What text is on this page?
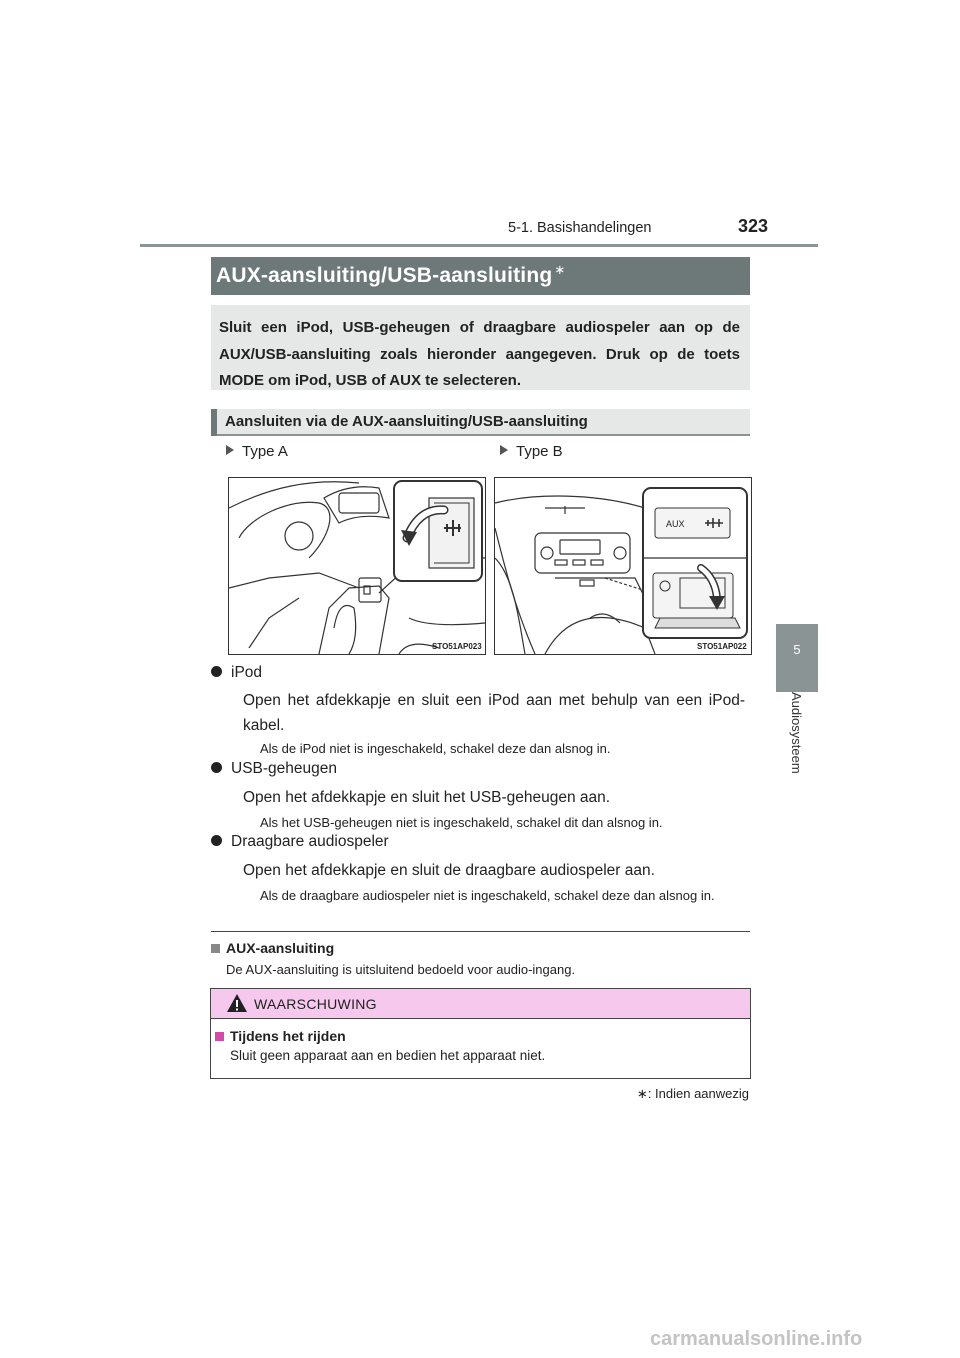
5-1. Basishandelingen	323
5
Audiosysteem
AUX-aansluiting/USB-aansluiting ∗

Sluit een iPod, USB-geheugen of draagbare audiospeler aan op de AUX/USB-aansluiting zoals hieronder aangegeven. Druk op de toets MODE om iPod, USB of AUX te selecteren.

Aansluiten via de AUX-aansluiting/USB-aansluiting
Type A	Type B
STO51AP023
AUX
STO51AP022
iPod
Open het afdekkapje en sluit een iPod aan met behulp van een iPod-kabel.
Als de iPod niet is ingeschakeld, schakel deze dan alsnog in.
USB-geheugen
Open het afdekkapje en sluit het USB-geheugen aan.
Als het USB-geheugen niet is ingeschakeld, schakel dit dan alsnog in.
Draagbare audiospeler
Open het afdekkapje en sluit de draagbare audiospeler aan.
Als de draagbare audiospeler niet is ingeschakeld, schakel deze dan alsnog in.
AUX-aansluiting
De AUX-aansluiting is uitsluitend bedoeld voor audio-ingang.
WAARSCHUWING
Tijdens het rijden
Sluit geen apparaat aan en bedien het apparaat niet.
∗: Indien aanwezig
carmanualsonline.info
